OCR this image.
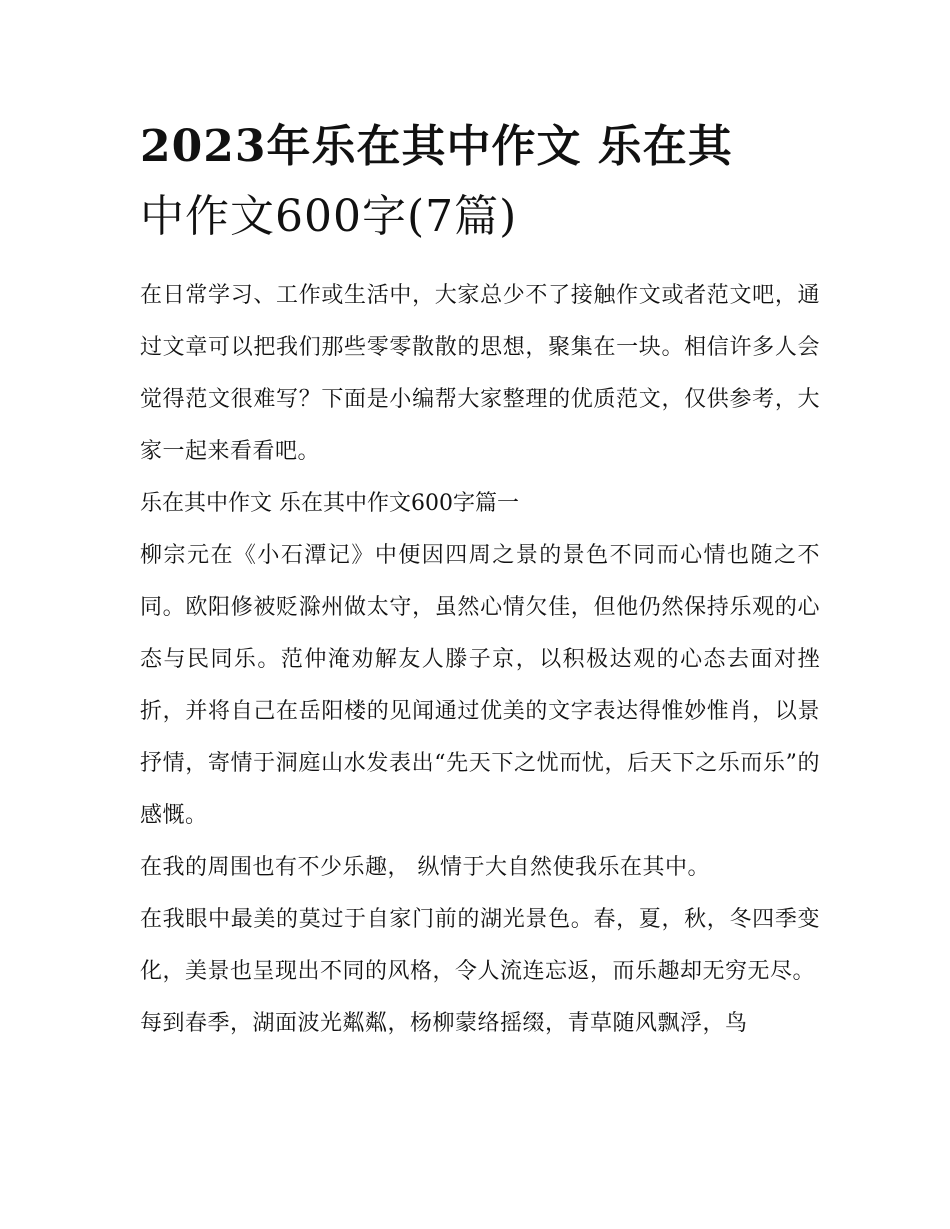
2023年乐在其中作文 乐在其
中作文600字(7篇)

在日常学习、工作或生活中，大家总少不了接触作文或者范文吧，通过文章可以把我们那些零零散散的思想，聚集在一块。相信许多人会觉得范文很难写？下面是小编帮大家整理的优质范文，仅供参考，大家一起来看看吧。

乐在其中作文 乐在其中作文600字篇一

柳宗元在《小石潭记》中便因四周之景的景色不同而心情也随之不同。欧阳修被贬滁州做太守，虽然心情欠佳，但他仍然保持乐观的心态与民同乐。范仲淹劝解友人滕子京，以积极达观的心态去面对挫折，并将自己在岳阳楼的见闻通过优美的文字表达得惟妙惟肖，以景抒情，寄情于洞庭山水发表出“先天下之忧而忧，后天下之乐而乐”的感慨。

在我的周围也有不少乐趣， 纵情于大自然使我乐在其中。

在我眼中最美的莫过于自家门前的湖光景色。春，夏，秋，冬四季变化，美景也呈现出不同的风格，令人流连忘返，而乐趣却无穷无尽。

每到春季，湖面波光粼粼，杨柳蒙络摇缀，青草随风飘浮，鸟
